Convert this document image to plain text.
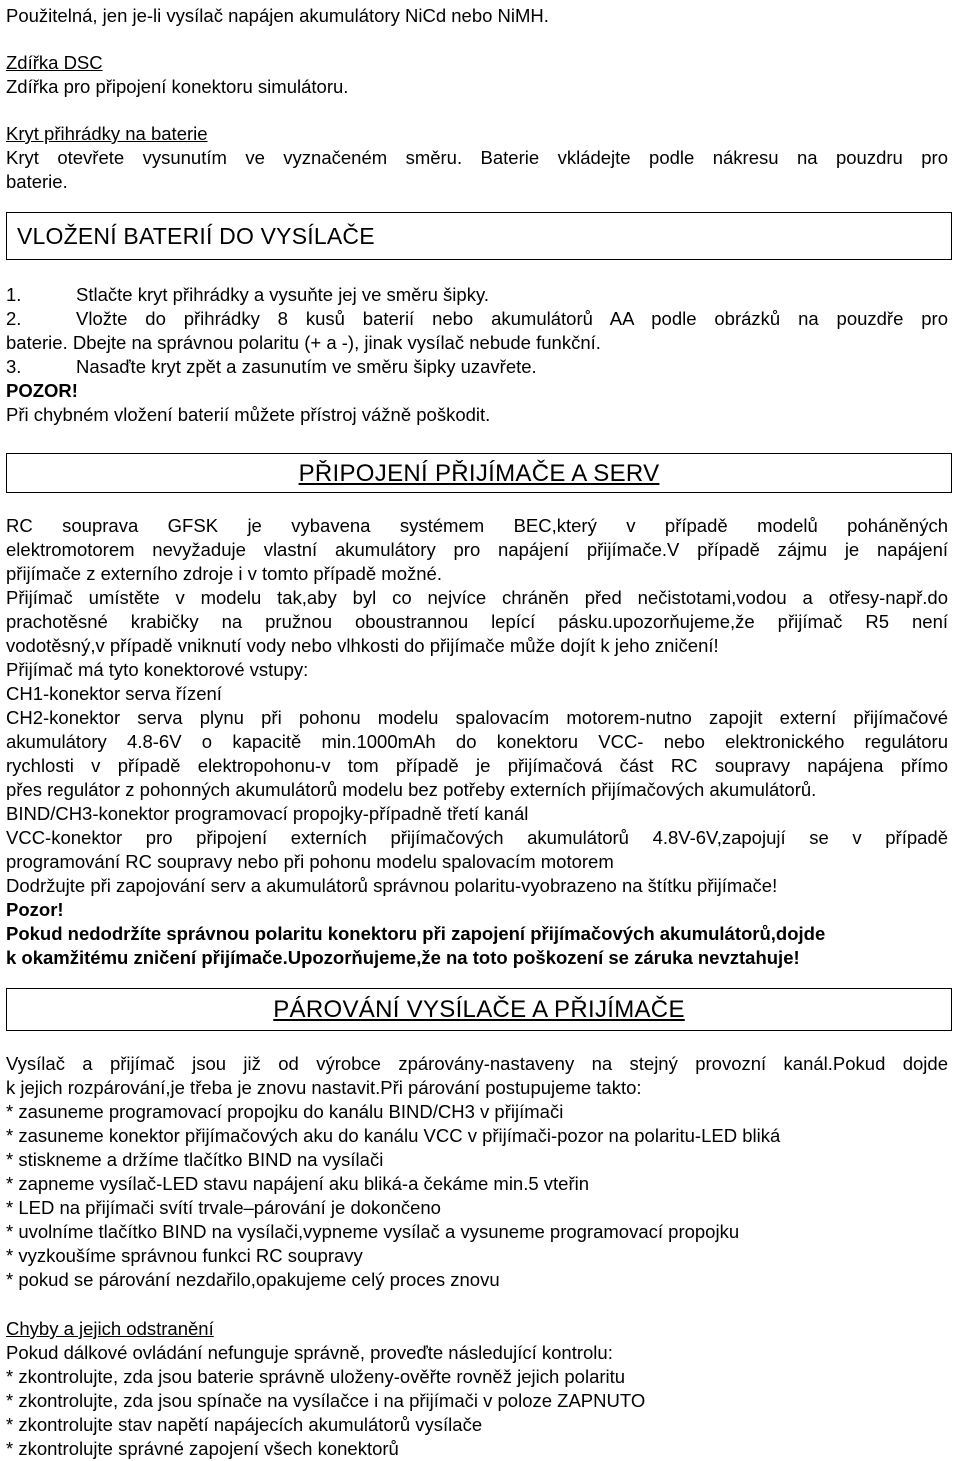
Použitelná, jen je-li vysílač napájen akumulátory NiCd nebo NiMH.
Zdířka DSC
Zdířka pro připojení konektoru simulátoru.
Kryt přihrádky na baterie
Kryt otevřete vysunutím ve vyznačeném směru. Baterie vkládejte podle nákresu na pouzdru pro
baterie.
VLOŽENÍ BATERIÍ DO VYSÍLAČE
1.	Stlačte kryt přihrádky a vysuňte jej ve směru šipky.
2.	Vložte do přihrádky 8 kusů baterií nebo akumulátorů AA podle obrázků na pouzdře pro
baterie. Dbejte na správnou polaritu (+ a -), jinak vysílač nebude funkční.
3.	Nasaďte kryt zpět a zasunutím ve směru šipky uzavřete.
POZOR!
Při chybném vložení baterií můžete přístroj vážně poškodit.
PŘIPOJENÍ PŘIJÍMAČE A SERV
RC souprava GFSK je vybavena systémem BEC,který v případě modelů poháněných
elektromotorem nevyžaduje vlastní akumulátory pro napájení přijímače.V případě zájmu je napájení
přijímače z externího zdroje i v tomto případě možné.
Přijímač umístěte v modelu tak,aby byl co nejvíce chráněn před nečistotami,vodou a otřesy-např.do
prachotěsné krabičky na pružnou oboustrannou lepící pásku.upozorňujeme,že přijímač R5 není
vodotěsný,v případě vniknutí vody nebo vlhkosti do přijímače může dojít k jeho zničení!
Přijímač má tyto konektorové vstupy:
CH1-konektor serva řízení
CH2-konektor serva plynu při pohonu modelu spalovacím motorem-nutno zapojit externí přijímačové
akumulátory 4.8-6V o kapacitě min.1000mAh do konektoru VCC- nebo elektronického regulátoru
rychlosti v případě elektropohonu-v tom případě je přijímačová část RC soupravy napájena přímo
přes regulátor z pohonných akumulátorů modelu bez potřeby externích přijímačových akumulátorů.
BIND/CH3-konektor programovací propojky-případně třetí kanál
VCC-konektor pro připojení externích přijímačových akumulátorů 4.8V-6V,zapojují se v případě
programování RC soupravy nebo při pohonu modelu spalovacím motorem
Dodržujte při zapojování serv a akumulátorů správnou polaritu-vyobrazeno na štítku přijímače!
Pozor!
Pokud nedodržíte správnou polaritu konektoru při zapojení přijímačových akumulátorů,dojde
k okamžitému zničení přijímače.Upozorňujeme,že na toto poškození se záruka nevztahuje!
PÁROVÁNÍ VYSÍLAČE A PŘIJÍMAČE
Vysílač a přijímač jsou již od výrobce zpárovány-nastaveny na stejný provozní kanál.Pokud dojde
k jejich rozpárování,je třeba je znovu nastavit.Při párování postupujeme takto:
* zasuneme programovací propojku do kanálu BIND/CH3 v přijímači
* zasuneme konektor přijímačových aku do kanálu VCC v přijímači-pozor na polaritu-LED bliká
* stiskneme a držíme tlačítko BIND na vysílači
* zapneme vysílač-LED stavu napájení aku bliká-a čekáme min.5 vteřin
* LED na přijímači svítí trvale–párování je dokončeno
* uvolníme tlačítko BIND na vysílači,vypneme vysílač a vysuneme programovací propojku
* vyzkoušíme správnou funkci RC soupravy
* pokud se párování nezdařilo,opakujeme celý proces znovu
Chyby a jejich odstranění
Pokud dálkové ovládání nefunguje správně, proveďte následující kontrolu:
* zkontrolujte, zda jsou baterie správně uložen​y-ověřte rovněž jejich polaritu
* zkontrolujte, zda jsou spínače na vysílačce i na přijímači v poloze ZAPNUTO
* zkontrolujte stav napětí napájecích akumulátorů vysílače
* zkontrolujte správné zapojení všech konektorů
